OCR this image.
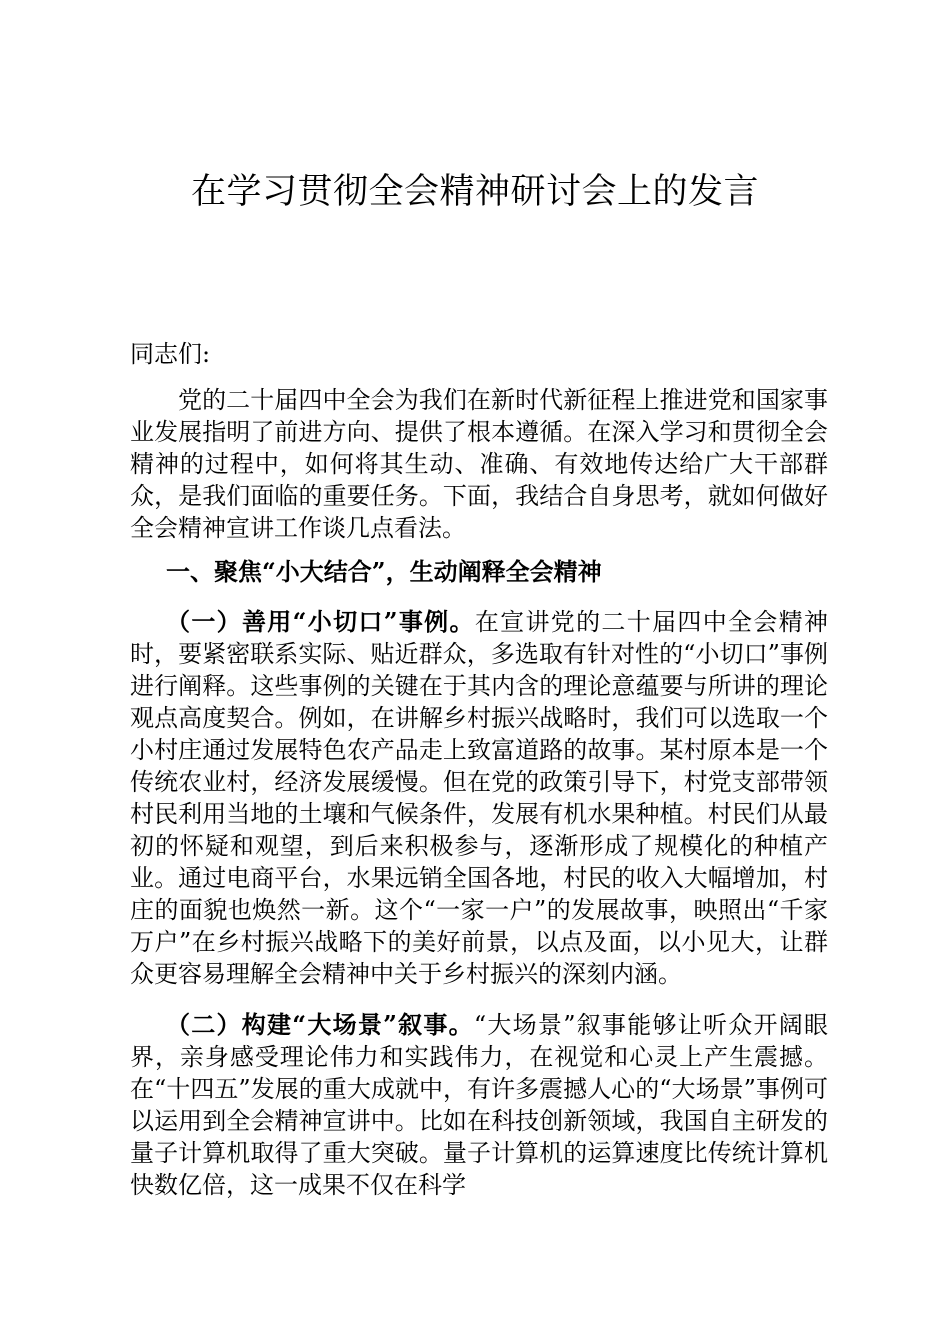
在学习贯彻全会精神研讨会上的发言

同志们:

党的二十届四中全会为我们在新时代新征程上推进党和国家事业发展指明了前进方向、提供了根本遵循。在深入学习和贯彻全会精神的过程中，如何将其生动、准确、有效地传达给广大干部群众，是我们面临的重要任务。下面，我结合自身思考，就如何做好全会精神宣讲工作谈几点看法。

一、聚焦“小大结合”，生动阐释全会精神

（一）善用“小切口”事例。在宣讲党的二十届四中全会精神时，要紧密联系实际、贴近群众，多选取有针对性的“小切口”事例进行阐释。这些事例的关键在于其内含的理论意蕴要与所讲的理论观点高度契合。例如，在讲解乡村振兴战略时，我们可以选取一个小村庄通过发展特色农产品走上致富道路的故事。某村原本是一个传统农业村，经济发展缓慢。但在党的政策引导下，村党支部带领村民利用当地的土壤和气候条件，发展有机水果种植。村民们从最初的怀疑和观望，到后来积极参与，逐渐形成了规模化的种植产业。通过电商平台，水果远销全国各地，村民的收入大幅增加，村庄的面貌也焕然一新。这个“一家一户”的发展故事，映照出“千家万户”在乡村振兴战略下的美好前景，以点及面，以小见大，让群众更容易理解全会精神中关于乡村振兴的深刻内涵。

（二）构建“大场景”叙事。“大场景”叙事能够让听众开阔眼界，亲身感受理论伟力和实践伟力，在视觉和心灵上产生震撼。在“十四五”发展的重大成就中，有许多震撼人心的“大场景”事例可以运用到全会精神宣讲中。比如在科技创新领域，我国自主研发的量子计算机取得了重大突破。量子计算机的运算速度比传统计算机快数亿倍，这一成果不仅在科学
